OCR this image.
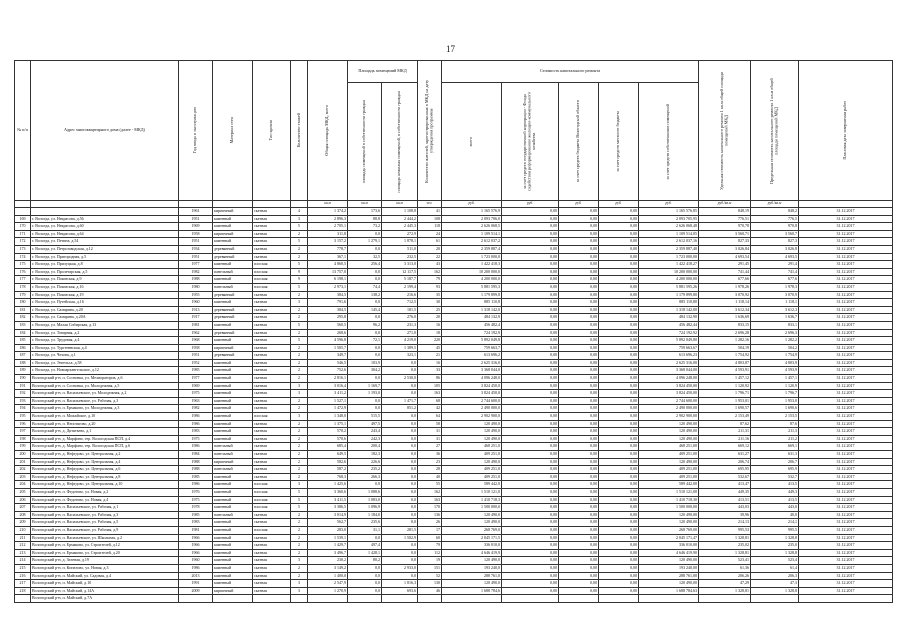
17
№ п/п	Адрес многоквартирного дома (далее - МКД)	Год ввода в эксплуатацию	Материал стен	Тип кровли	Количество этажей	Общая площадь МКД, всего	Площадь помещений МКД		Количество жителей, зарегистрированных в МКД на дату утверждения программы	Стоимость капитального ремонта					Удельная стоимость капитального ремонта 1 кв.м общей площади помещений МКД	Предельная стоимость капитального ремонта 1 кв.м общей площади помещений МКД	Плановая дата завершения работ

							площадь помещений в собственности граждан	площадь нежилых помещений, в собственности граждан		всего	за счет средств государственной корпорации - Фонда содействия реформированию жилищно-коммунального хозяйства	за счет средств бюджета Вологодской области	за счет средств местного бюджета	за счет средств собственников помещений			

						кв.м	кв.м	кв.м	чел.	руб.	руб.	руб.	руб.	руб.	руб./кв.м	руб./кв.м	
		1961	кирпичный	скатная	4	1 374,2	173,6	1 108,8	41	1 165 576,9	0,00	0,00	0,00	1 165 576,85	848,19	848,2	31.12.2017
169	г. Вологда, ул. Некрасова, д.56	1951	каменный	скатная	3	2 896,3	88,8	2 444,2	108	2 093 706,0	0,00	0,00	0,00	2 093 705,95	776,51	776,5	31.12.2017
170	г. Вологда, ул. Некрасова, д.60	1969	каменный	скатная	5	2 705,1	73,2	2 445,3	118	2 626 068,5	0,00	0,00	0,00	2 626 068,48	970,78	970,8	31.12.2017
171	г. Вологда, ул. Некрасова, д.64	1958	кирпичный	скатная	2	311,8	0,0	272,9	24	1 109 514,1	0,00	0,00	0,00	1 109 514,05	3 560,71	3 560,7	31.12.2017
172	г. Вологда, ул. Петина, д.54	1951	каменный	скатная	5	3 157,2	1 279,1	1 878,1	61	2 612 037,2	0,00	0,00	0,00	2 612 037,16	827,33	827,3	31.12.2017
173	г. Вологда, ул. Петрозаводская, д.12	1934	деревянный	скатная	2	778,7	0,0	511,0	20	2 359 887,4	0,00	0,00	0,00	2 359 887,40	3 026,84	3 026,8	31.12.2017
174	г. Вологда, ул. Пригородная, д.5	1951	деревянный	скатная	2	367,1	32,5	232,5	22	1 723 000,0	0,00	0,00	0,00	1 723 000,00	4 693,54	4 693,5	31.12.2017
175	г. Вологда, ул. Прилуцкая, д.8	1977	каменный	плоская	5	4 860,5	256,4	3 313,0	43	1 422 418,3	0,00	0,00	0,00	1 422 418,27	291,45	291,4	31.12.2017
176	г. Вологда, ул. Пролетарская, д.5	1982	панельный	плоская	9	13 757,0	0,0	12 117,5	162	10 200 000,0	0,00	0,00	0,00	10 200 000,00	741,44	741,4	31.12.2017
177	г. Вологда, ул. Псковская, д.9	1988	каменный	плоская	9	6 198,1	0,0	5 187,7	79	4 200 000,0	0,00	0,00	0,00	4 200 000,00	677,66	677,6	31.12.2017
178	г. Вологда, ул. Псковская, д.16	1980	панельный	плоская	5	2 973,1	74,4	2 199,4	93	5 881 595,3	0,00	0,00	0,00	5 881 595,26	1 978,26	1 978,3	31.12.2017
179	г. Вологда, ул. Псковская, д.19	1955	деревянный	скатная	2	384,5	138,2	216,6	35	1 179 899,8	0,00	0,00	0,00	1 179 899,80	3 070,92	3 070,9	31.12.2017
180	г. Вологда, ул. Путейская, д.16	1960	каменный	скатная	3	791,6	0,0	712,5	30	885 110,8	0,00	0,00	0,00	885 110,80	1 118,14	1 118,1	31.12.2017
181	г. Вологда, ул. Самарина, д.20	1913	деревянный	скатная	2	384,5	145,4	181,5	25	1 318 142,0	0,00	0,00	0,00	1 318 142,00	3 612,34	3 612,3	31.12.2017
182	г. Вологда, ул. Самарина, д.20А	1917	деревянный	скатная	2	295,8	0,0	276,0	20	484 132,9	0,00	0,00	0,00	484 132,90	1 636,69	1 636,7	31.12.2017
183	г. Вологда, ул. Малая Сибирская, д.13	1981	каменный	скатная	5	560,5	96,2	231,3	16	456 482,4	0,00	0,00	0,00	456 482,44	833,15	833,1	31.12.2017
184	г. Вологда, ул. Товарная, д.2	1962	деревянный	скатная	2	268,6	0,0	271,0	18	724 192,9	0,00	0,00	0,00	724 192,92	2 696,28	2 696,3	31.12.2017
185	г. Вологда, ул. Трудовая, д.4	1968	каменный	скатная	5	4 596,8	72,1	4 219,0	220	5 892 049,8	0,00	0,00	0,00	5 892 049,80	1 282,16	1 282,2	31.12.2017
186	г. Вологда, ул. Тургеневская, д.4	1958	кирпичный	скатная	2	1 505,7	0,0	1 389,5	45	759 663,7	0,00	0,00	0,00	759 663,67	504,19	504,2	31.12.2017
187	г. Вологда, ул. Чехова, д.1	1951	деревянный	скатная	2	349,7	0,0	323,1	21	613 696,2	0,00	0,00	0,00	613 696,23	1 754,92	1 754,9	31.12.2017
188	г. Вологда, ул. Энгельса, д.58	1952	каменный	скатная	2	546,5	103,9	0,0	16	2 625 316,0	0,00	0,00	0,00	2 625 316,00	4 803,87	4 803,9	31.12.2017
189	г. Вологда, ул. Новоархангельское, д.12	1985	каменный	скатная	2	752,6	304,2	0,0	33	3 368 044,0	0,00	0,00	0,00	3 368 044,00	4 593,91	4 593,9	31.12.2017
190	Вологодский р-н, п. Сосновка, ул. Мелиораторов, д.6	1977	каменный	скатная	2	2 816,1	0,0	2 530,0	86	4 096 248,0	0,00	0,00	0,00	4 096 248,00	1 457,12	1 457,1	31.12.2017
191	Вологодский р-н, п. Сосновка, ул. Молодежная, д.5	1969	каменный	скатная	3	3 016,4	1 169,7	0,0	105	3 824 450,0	0,00	0,00	0,00	3 824 450,00	1 120,92	1 120,9	31.12.2017
192	Вологодский р-н, п. Васильевское, ул. Молодежная, д.2	1975	каменный	скатная	3	3 411,2	1 193,0	0,0	163	3 824 450,0	0,00	0,00	0,00	3 824 450,00	1 796,71	1 796,7	31.12.2017
193	Вологодский р-н, п. Васильевское, ул. Рабочая, д.3	1963	каменный	скатная	2	1 527,1	0,0	1 471,7	68	2 744 600,0	0,00	0,00	0,00	2 744 600,00	1 953,01	1 953,0	31.12.2017
194	Вологодский р-н, п. Ермаково, ул. Молодежная, д.3	1982	каменный	скатная	2	1 472,9	0,0	851,2	42	2 490 000,0	0,00	0,00	0,00	2 490 000,00	1 690,57	1 690,6	31.12.2017
195	Вологодский р-н, п. Можайское, д.10	1986	каменный	плоская	3	1 348,0	515,5	0,0	64	2 902 900,0	0,00	0,00	0,00	2 902 900,00	2 153,49	2 153,5	31.12.2017
196	Вологодский р-н, п. Непотягово, д.20	1986	каменный	скатная	2	1 375,1	497,5	0,0	58	120 490,0	0,00	0,00	0,00	120 490,00	87,62	87,6	31.12.2017
197	Вологодский р-н, д. Дитятьево, д.1	1983	каменный	скатная	2	570,2	243,4	0,0	31	120 490,0	0,00	0,00	0,00	120 490,00	211,31	211,3	31.12.2017
198	Вологодский р-н, д. Марфино, тер. Вологодская ПСП, д.4	1975	каменный	скатная	2	570,6	242,3	0,0	31	120 490,0	0,00	0,00	0,00	120 490,00	211,16	211,2	31.12.2017
199	Вологодский р-н, д. Марфино, тер. Вологодская ПСП, д.6	1986	панельный	скатная	2	685,4	200,4	0,0	27	468 251,0	0,00	0,00	0,00	468 251,00	669,12	669,1	31.12.2017
200	Вологодский р-н, д. Нефедово, ул. Центральная, д.2	1984	панельный	скатная	2	649,5	182,3	0,0	36	409 251,0	0,00	0,00	0,00	409 251,00	631,27	631,3	31.12.2017
201	Вологодский р-н, д. Нефедово, ул. Центральная, д.4	1988	кирпичный	скатная	2	582,6	226,6	0,0	23	120 490,0	0,00	0,00	0,00	120 490,00	206,74	206,7	31.12.2017
202	Вологодский р-н, д. Нефедово, ул. Центральная, д.6	1988	панельный	скатная	2	587,2	235,2	0,0	28	409 251,0	0,00	0,00	0,00	409 251,00	695,95	695,9	31.12.2017
203	Вологодский р-н, д. Нефедово, ул. Центральная, д.8	1985	каменный	скатная	2	768,3	266,3	0,0	40	409 251,0	0,00	0,00	0,00	409 251,00	532,67	532,7	31.12.2017
204	Вологодский р-н, д. Нефедово, ул. Центральная, д.10	1986	каменный	плоская	3	1 425,6	0,0	0,0	55	589 442,0	0,00	0,00	0,00	589 442,00	413,47	413,5	31.12.2017
205	Вологодский р-н, п. Федотово, ул. Новая, д.2	1976	каменный	плоская	5	3 360,6	1 088,6	0,0	162	1 510 121,0	0,00	0,00	0,00	1 510 121,00	449,35	449,3	31.12.2017
206	Вологодский р-н, п. Федотово, ул. Новая, д.4	1975	каменный	плоская	5	3 411,5	1 083,0	0,0	163	1 410 718,3	0,00	0,00	0,00	1 410 718,30	413,51	413,5	31.12.2017
207	Вологодский р-н, п. Васильевское, ул. Рабочая, д.1	1978	каменный	плоская	5	3 386,5	1 096,9	0,0	170	1 500 000,0	0,00	0,00	0,00	1 500 000,00	443,03	443,0	31.12.2017
208	Вологодский р-н, п. Васильевское, ул. Рабочая, д.3	1985	панельный	скатная	2	3 014,9	1 184,0	0,0	136	120 490,0	0,00	0,00	0,00	120 490,00	39,96	40,0	31.12.2017
209	Вологодский р-н, п. Васильевское, ул. Рабочая, д.5	1983	каменный	скатная	2	562,7	235,6	0,0	26	120 490,0	0,00	0,00	0,00	120 490,00	214,13	214,1	31.12.2017
210	Вологодский р-н, п. Васильевское, ул. Рабочая, д.9	1981	каменный	плоская	2	283,0	31,1	281,5	17	268 769,0	0,00	0,00	0,00	268 769,00	995,53	995,5	31.12.2017
211	Вологодский р-н, п. Васильевское, ул. Школьная, д.2	1966	каменный	скатная	2	1 539,1	0,0	1 502,9	60	2 045 171,5	0,00	0,00	0,00	2 045 171,47	1 328,81	1 328,8	31.12.2017
212	Вологодский р-н, п. Ермаково, ул. Строителей, д.12	1966	каменный	скатная	2	1 429,7	497,4	0,0	79	336 010,0	0,00	0,00	0,00	336 010,00	235,02	235,0	31.12.2017
213	Вологодский р-н, п. Ермаково, ул. Строителей, д.20	1966	каменный	скатная	2	3 496,7	1 428,1	0,0	112	4 646 419,9	0,00	0,00	0,00	4 646 419,90	1 328,81	1 328,8	31.12.2017
214	Вологодский р-н, д. Зеленая, д.19	1960	каменный	скатная	3	230,2	80,2	0,0	19	120 490,0	0,00	0,00	0,00	120 490,00	523,41	523,4	31.12.2017
215	Вологодский р-н, п. Кипелово, ул. Новая, д.3	1986	каменный	скатная	2	3 149,2	0,0	2 933,0	151	193 240,0	0,00	0,00	0,00	193 240,00	61,36	61,4	31.12.2017
216	Вологодский р-н, п. Майский, ул. Садовая, д.4	2013	каменный	скатная	2	1 400,0	0,0	0,0	52	288 761,0	0,00	0,00	0,00	288 761,00	206,26	206,3	31.12.2017
217	Вологодский р-н, п. Майский, д.10	1991	каменный	скатная	3	2 547,9	0,0	1 816,3	130	120 490,0	0,00	0,00	0,00	120 490,00	47,29	47,3	31.12.2017
218	Вологодский р-н, п. Майский, д.14А	2009	кирпичный	скатная	3	1 270,9	0,0	693,6	46	1 688 784,6	0,00	0,00	0,00	1 688 784,63	1 328,81	1 328,8	31.12.2017
	Вологодский р-н, п. Майский, д.7А																
